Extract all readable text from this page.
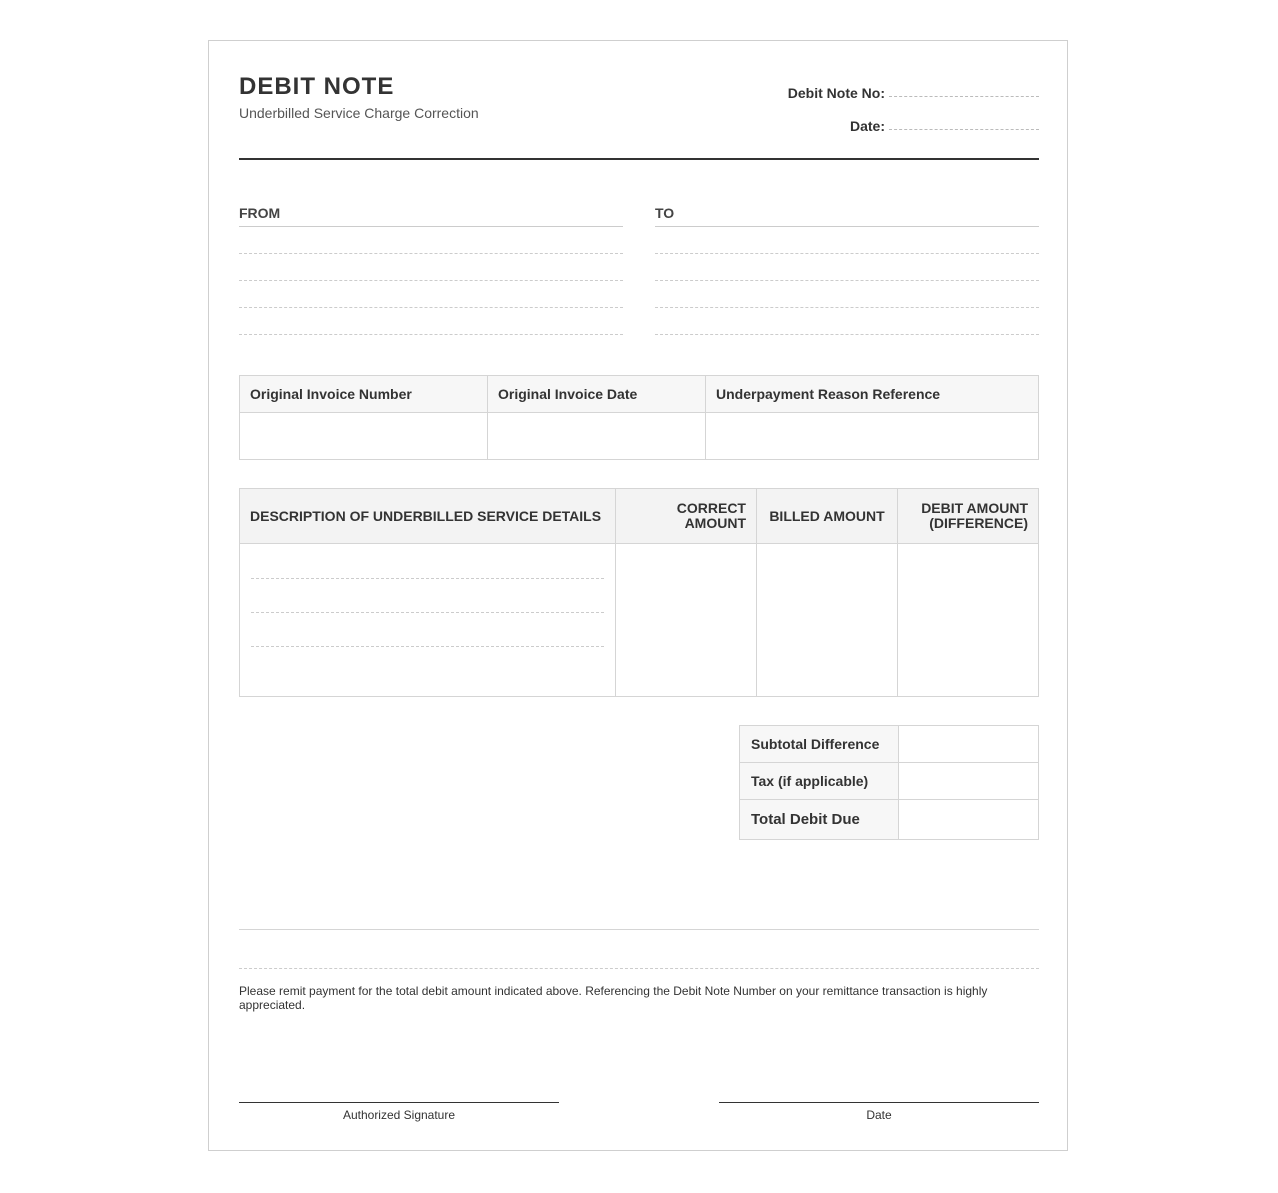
DEBIT NOTE
Underbilled Service Charge Correction
Debit Note No:
Date:
FROM	TO
Original Invoice Number	Original Invoice Date	Underpayment Reason Reference

DESCRIPTION OF UNDERBILLED SERVICE DETAILS	CORRECT AMOUNT	BILLED AMOUNT	DEBIT AMOUNT (DIFFERENCE)

Subtotal Difference	
Tax (if applicable)	
Total Debit Due	
Please remit payment for the total debit amount indicated above. Referencing the Debit Note Number on your remittance transaction is highly appreciated.
Authorized Signature	Date
